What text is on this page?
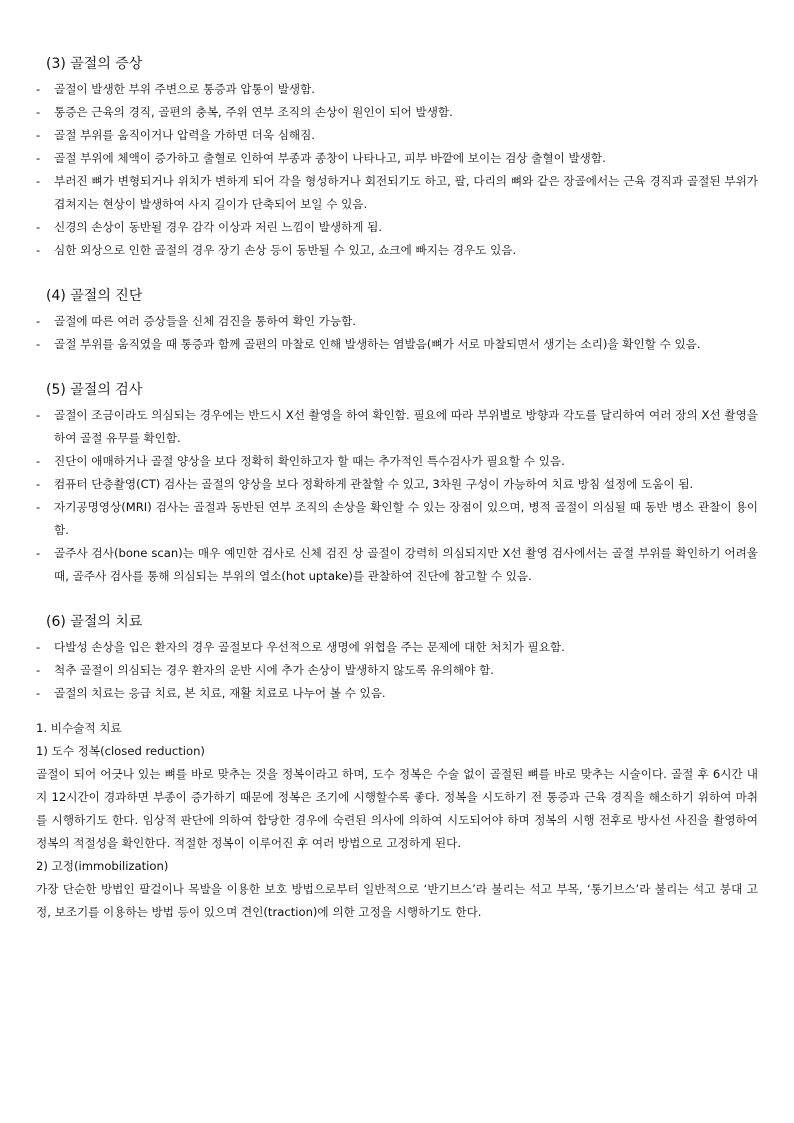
(3) 골절의 증상
- 골절이 발생한 부위 주변으로 통증과 압통이 발생함.
- 통증은 근육의 경직, 골편의 충복, 주위 연부 조직의 손상이 원인이 되어 발생함.
- 골절 부위를 움직이거나 압력을 가하면 더욱 심해짐.
- 골절 부위에 체액이 증가하고 출혈로 인하여 부종과 종창이 나타나고, 피부 바깥에 보이는 검상 출혈이 발생함.
- 부러진 뼈가 변형되거나 위치가 변하게 되어 각을 형성하거나 회전되기도 하고, 팔, 다리의 뼈와 같은 장골에서는 근육 경직과 골절된 부위가 겹쳐지는 현상이 발생하여 사지 길이가 단축되어 보일 수 있음.
- 신경의 손상이 동반될 경우 감각 이상과 저린 느낌이 발생하게 됨.
- 심한 외상으로 인한 골절의 경우 장기 손상 등이 동반될 수 있고, 쇼크에 빠지는 경우도 있음.
(4) 골절의 진단
- 골절에 따른 여러 증상들을 신체 검진을 통하여 확인 가능함.
- 골절 부위를 움직였을 때 통증과 함께 골편의 마찰로 인해 발생하는 염발음(뼈가 서로 마찰되면서 생기는 소리)을 확인할 수 있음.
(5) 골절의 검사
- 골절이 조금이라도 의심되는 경우에는 반드시 X선 촬영을 하여 확인함. 필요에 따라 부위별로 방향과 각도를 달리하여 여러 장의 X선 촬영을 하여 골절 유무를 확인함.
- 진단이 애매하거나 골절 양상을 보다 정확히 확인하고자 할 때는 추가적인 특수검사가 필요할 수 있음.
- 컴퓨터 단층촬영(CT) 검사는 골절의 양상을 보다 정확하게 관찰할 수 있고, 3차원 구성이 가능하여 치료 방침 설정에 도움이 됨.
- 자기공명영상(MRI) 검사는 골절과 동반된 연부 조직의 손상을 확인할 수 있는 장점이 있으며, 병적 골절이 의심될 때 동반 병소 관찰이 용이함.
- 골주사 검사(bone scan)는 매우 예민한 검사로 신체 검진 상 골절이 강력히 의심되지만 X선 촬영 검사에서는 골절 부위를 확인하기 어려울 때, 골주사 검사를 통해 의심되는 부위의 열소(hot uptake)를 관찰하여 진단에 참고할 수 있음.
(6) 골절의 치료
- 다발성 손상을 입은 환자의 경우 골절보다 우선적으로 생명에 위협을 주는 문제에 대한 처치가 필요함.
- 척추 골절이 의심되는 경우 환자의 운반 시에 추가 손상이 발생하지 않도록 유의해야 함.
- 골절의 치료는 응급 치료, 본 치료, 재활 치료로 나누어 볼 수 있음.

1. 비수술적 치료

1) 도수 정복(closed reduction)

골절이 되어 어긋나 있는 뼈를 바로 맞추는 것을 정복이라고 하며, 도수 정복은 수술 없이 골절된 뼈를 바로 맞추는 시술이다. 골절 후 6시간 내지 12시간이 경과하면 부종이 증가하기 때문에 정복은 조기에 시행할수록 좋다. 정복을 시도하기 전 통증과 근육 경직을 해소하기 위하여 마취를 시행하기도 한다. 임상적 판단에 의하여 합당한 경우에 숙련된 의사에 의하여 시도되어야 하며 정복의 시행 전후로 방사선 사진을 촬영하여 정복의 적절성을 확인한다. 적절한 정복이 이루어진 후 여러 방법으로 고정하게 된다.

2) 고정(immobilization)

가장 단순한 방법인 팔걸이나 목발을 이용한 보호 방법으로부터 일반적으로 ‘반기브스’라 불리는 석고 부목, ‘통기브스’라 불리는 석고 붕대 고정, 보조기를 이용하는 방법 등이 있으며 견인(traction)에 의한 고정을 시행하기도 한다.
